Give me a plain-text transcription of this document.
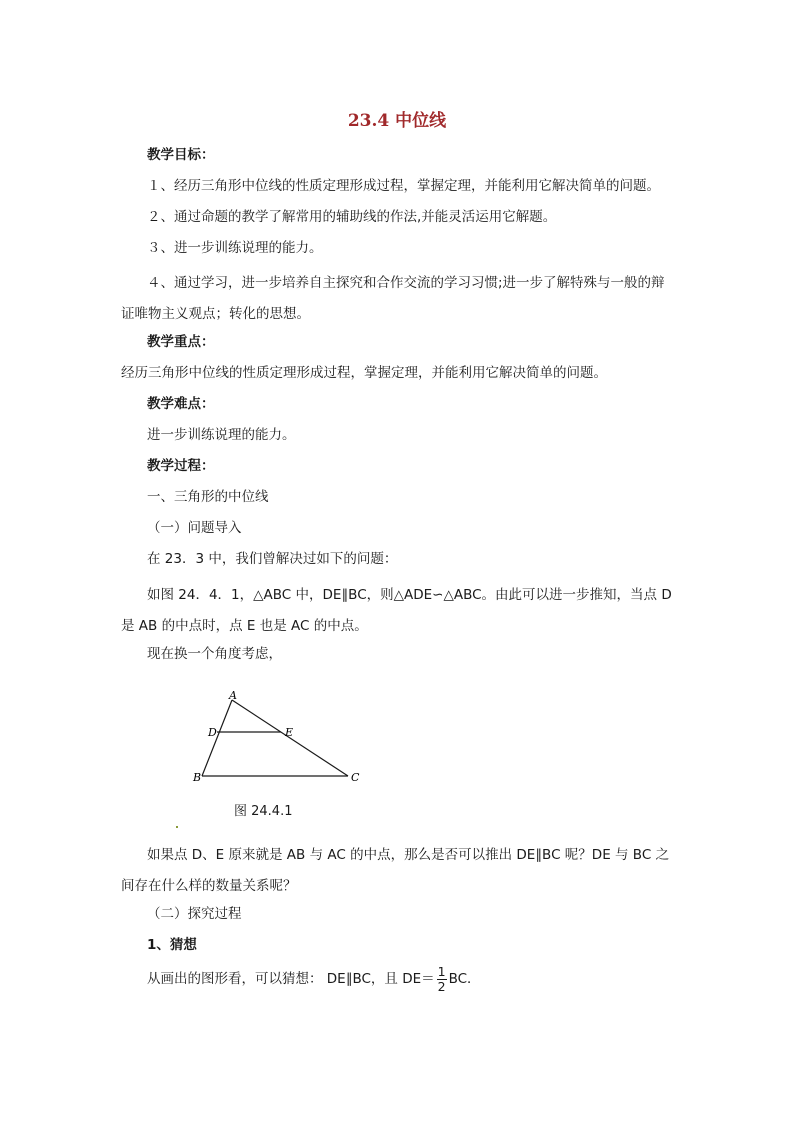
23.4 中位线
教学目标：
１、经历三角形中位线的性质定理形成过程，掌握定理，并能利用它解决简单的问题。
２、通过命题的教学了解常用的辅助线的作法,并能灵活运用它解题。
３、进一步训练说理的能力。
４、通过学习，进一步培养自主探究和合作交流的学习习惯;进一步了解特殊与一般的辩证唯物主义观点；转化的思想。
教学重点：
经历三角形中位线的性质定理形成过程，掌握定理，并能利用它解决简单的问题。
教学难点：
进一步训练说理的能力。
教学过程：
一、三角形的中位线
（一）问题导入
在 23．3 中，我们曾解决过如下的问题：
如图 24．4．1，△ABC 中，DE∥BC，则△ADE∽△ABC。由此可以进一步推知，当点 D 是 AB 的中点时，点 E 也是 AC 的中点。
现在换一个角度考虑，
A
D	E
B	C
图 24.4.1
如果点 D、E 原来就是 AB 与 AC 的中点，那么是否可以推出 DE∥BC 呢？DE 与 BC 之间存在什么样的数量关系呢？
（二）探究过程
1、猜想
从画出的图形看，可以猜想： DE∥BC，且 $DE= \frac{1}{2}$ BC．
